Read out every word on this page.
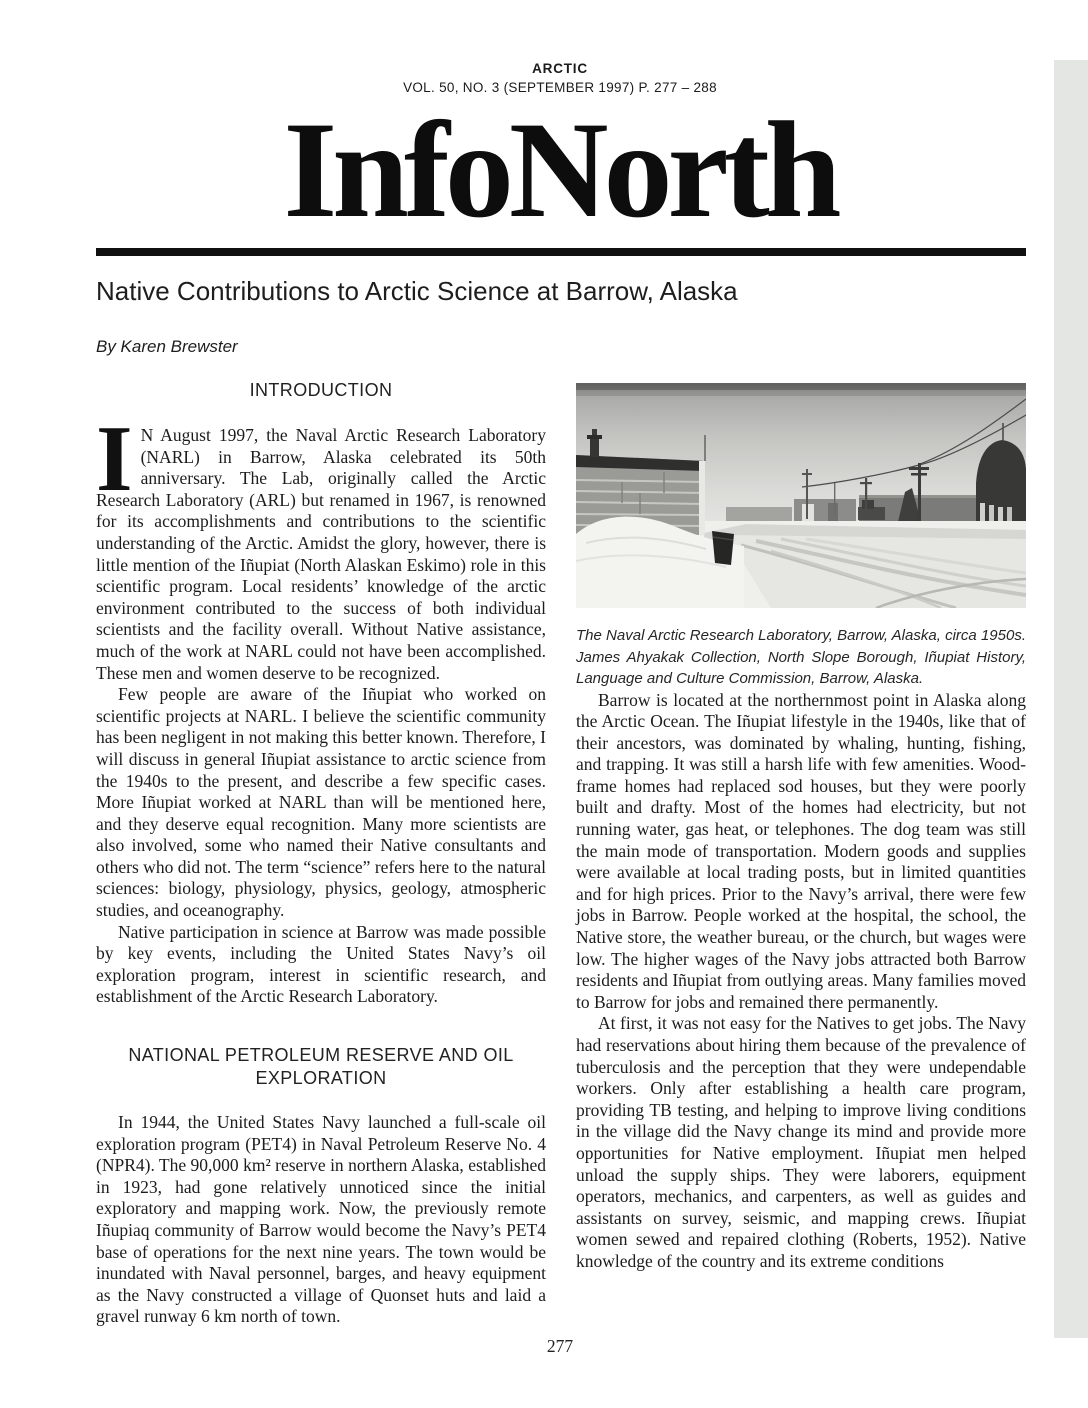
ARCTIC
VOL. 50, NO. 3 (SEPTEMBER 1997) P. 277 – 288
InfoNorth
Native Contributions to Arctic Science at Barrow, Alaska
By Karen Brewster
INTRODUCTION

I N August 1997, the Naval Arctic Research Laboratory (NARL) in Barrow, Alaska celebrated its 50th anniversary. The Lab, originally called the Arctic Research Laboratory (ARL) but renamed in 1967, is renowned for its accomplishments and contributions to the scientific understanding of the Arctic. Amidst the glory, however, there is little mention of the Iñupiat (North Alaskan Eskimo) role in this scientific program. Local residents’ knowledge of the arctic environment contributed to the success of both individual scientists and the facility overall. Without Native assistance, much of the work at NARL could not have been accomplished. These men and women deserve to be recognized.

Few people are aware of the Iñupiat who worked on scientific projects at NARL. I believe the scientific community has been negligent in not making this better known. Therefore, I will discuss in general Iñupiat assistance to arctic science from the 1940s to the present, and describe a few specific cases. More Iñupiat worked at NARL than will be mentioned here, and they deserve equal recognition. Many more scientists are also involved, some who named their Native consultants and others who did not. The term “science” refers here to the natural sciences: biology, physiology, physics, geology, atmospheric studies, and oceanography.

Native participation in science at Barrow was made possible by key events, including the United States Navy’s oil exploration program, interest in scientific research, and establishment of the Arctic Research Laboratory.

NATIONAL PETROLEUM RESERVE AND OIL EXPLORATION

In 1944, the United States Navy launched a full-scale oil exploration program (PET4) in Naval Petroleum Reserve No. 4 (NPR4). The 90,000 km² reserve in northern Alaska, established in 1923, had gone relatively unnoticed since the initial exploratory and mapping work. Now, the previously remote Iñupiaq community of Barrow would become the Navy’s PET4 base of operations for the next nine years. The town would be inundated with Naval personnel, barges, and heavy equipment as the Navy constructed a village of Quonset huts and laid a gravel runway 6 km north of town.

The Naval Arctic Research Laboratory, Barrow, Alaska, circa 1950s. James Ahyakak Collection, North Slope Borough, Iñupiat History, Language and Culture Commission, Barrow, Alaska.

Barrow is located at the northernmost point in Alaska along the Arctic Ocean. The Iñupiat lifestyle in the 1940s, like that of their ancestors, was dominated by whaling, hunting, fishing, and trapping. It was still a harsh life with few amenities. Wood-frame homes had replaced sod houses, but they were poorly built and drafty. Most of the homes had electricity, but not running water, gas heat, or telephones. The dog team was still the main mode of transportation. Modern goods and supplies were available at local trading posts, but in limited quantities and for high prices. Prior to the Navy’s arrival, there were few jobs in Barrow. People worked at the hospital, the school, the Native store, the weather bureau, or the church, but wages were low. The higher wages of the Navy jobs attracted both Barrow residents and Iñupiat from outlying areas. Many families moved to Barrow for jobs and remained there permanently.

At first, it was not easy for the Natives to get jobs. The Navy had reservations about hiring them because of the prevalence of tuberculosis and the perception that they were undependable workers. Only after establishing a health care program, providing TB testing, and helping to improve living conditions in the village did the Navy change its mind and provide more opportunities for Native employment. Iñupiat men helped unload the supply ships. They were laborers, equipment operators, mechanics, and carpenters, as well as guides and assistants on survey, seismic, and mapping crews. Iñupiat women sewed and repaired clothing (Roberts, 1952). Native knowledge of the country and its extreme conditions

277
